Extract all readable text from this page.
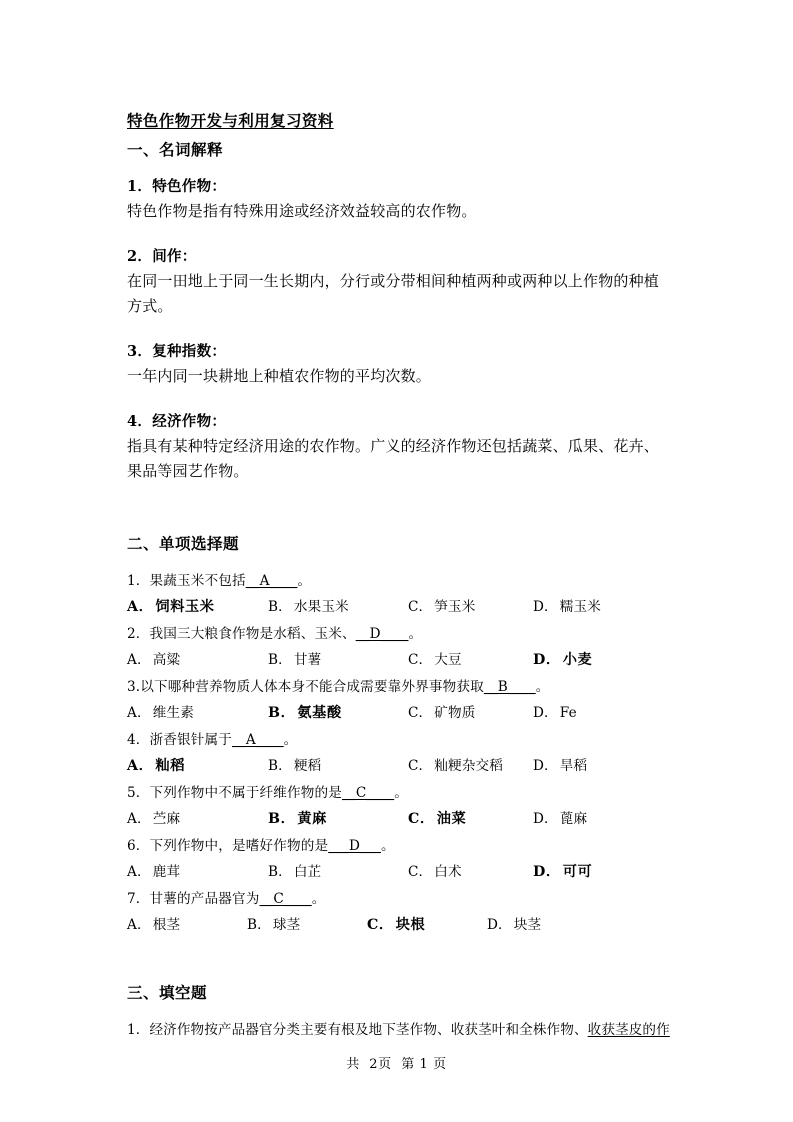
特色作物开发与利用复习资料
一、名词解释
1．特色作物：
特色作物是指有特殊用途或经济效益较高的农作物。
2．间作：
在同一田地上于同一生长期内，分行或分带相间种植两种或两种以上作物的种植
方式。
3．复种指数：
一年内同一块耕地上种植农作物的平均次数。
4．经济作物：
指具有某种特定经济用途的农作物。广义的经济作物还包括蔬菜、瓜果、花卉、
果品等园艺作物。
二、单项选择题
1．果蔬玉米不包括__A____。
A． 饲料玉米	B． 水果玉米	C． 笋玉米	D． 糯玉米
2．我国三大粮食作物是水稻、玉米、__D____。
A． 高粱	B． 甘薯	C． 大豆	D． 小麦
3.以下哪种营养物质人体本身不能合成需要靠外界事物获取__B____。
A． 维生素	B． 氨基酸	C． 矿物质	D． Fe
4．浙香银针属于__A____。
A． 籼稻	B． 粳稻	C． 籼粳杂交稻 D． 旱稻
5．下列作物中不属于纤维作物的是__C____。
A． 苎麻	B． 黄麻	C． 油菜	D． 蓖麻
6．下列作物中，是嗜好作物的是___D___。
A． 鹿茸	B． 白芷	C． 白术	D． 可可
7．甘薯的产品器官为__C____。
A． 根茎	B． 球茎	C． 块根	D． 块茎
三、填空题
1．经济作物按产品器官分类主要有根及地下茎作物、收获茎叶和全株作物、收获茎皮的作
共  2页  第 1 页
